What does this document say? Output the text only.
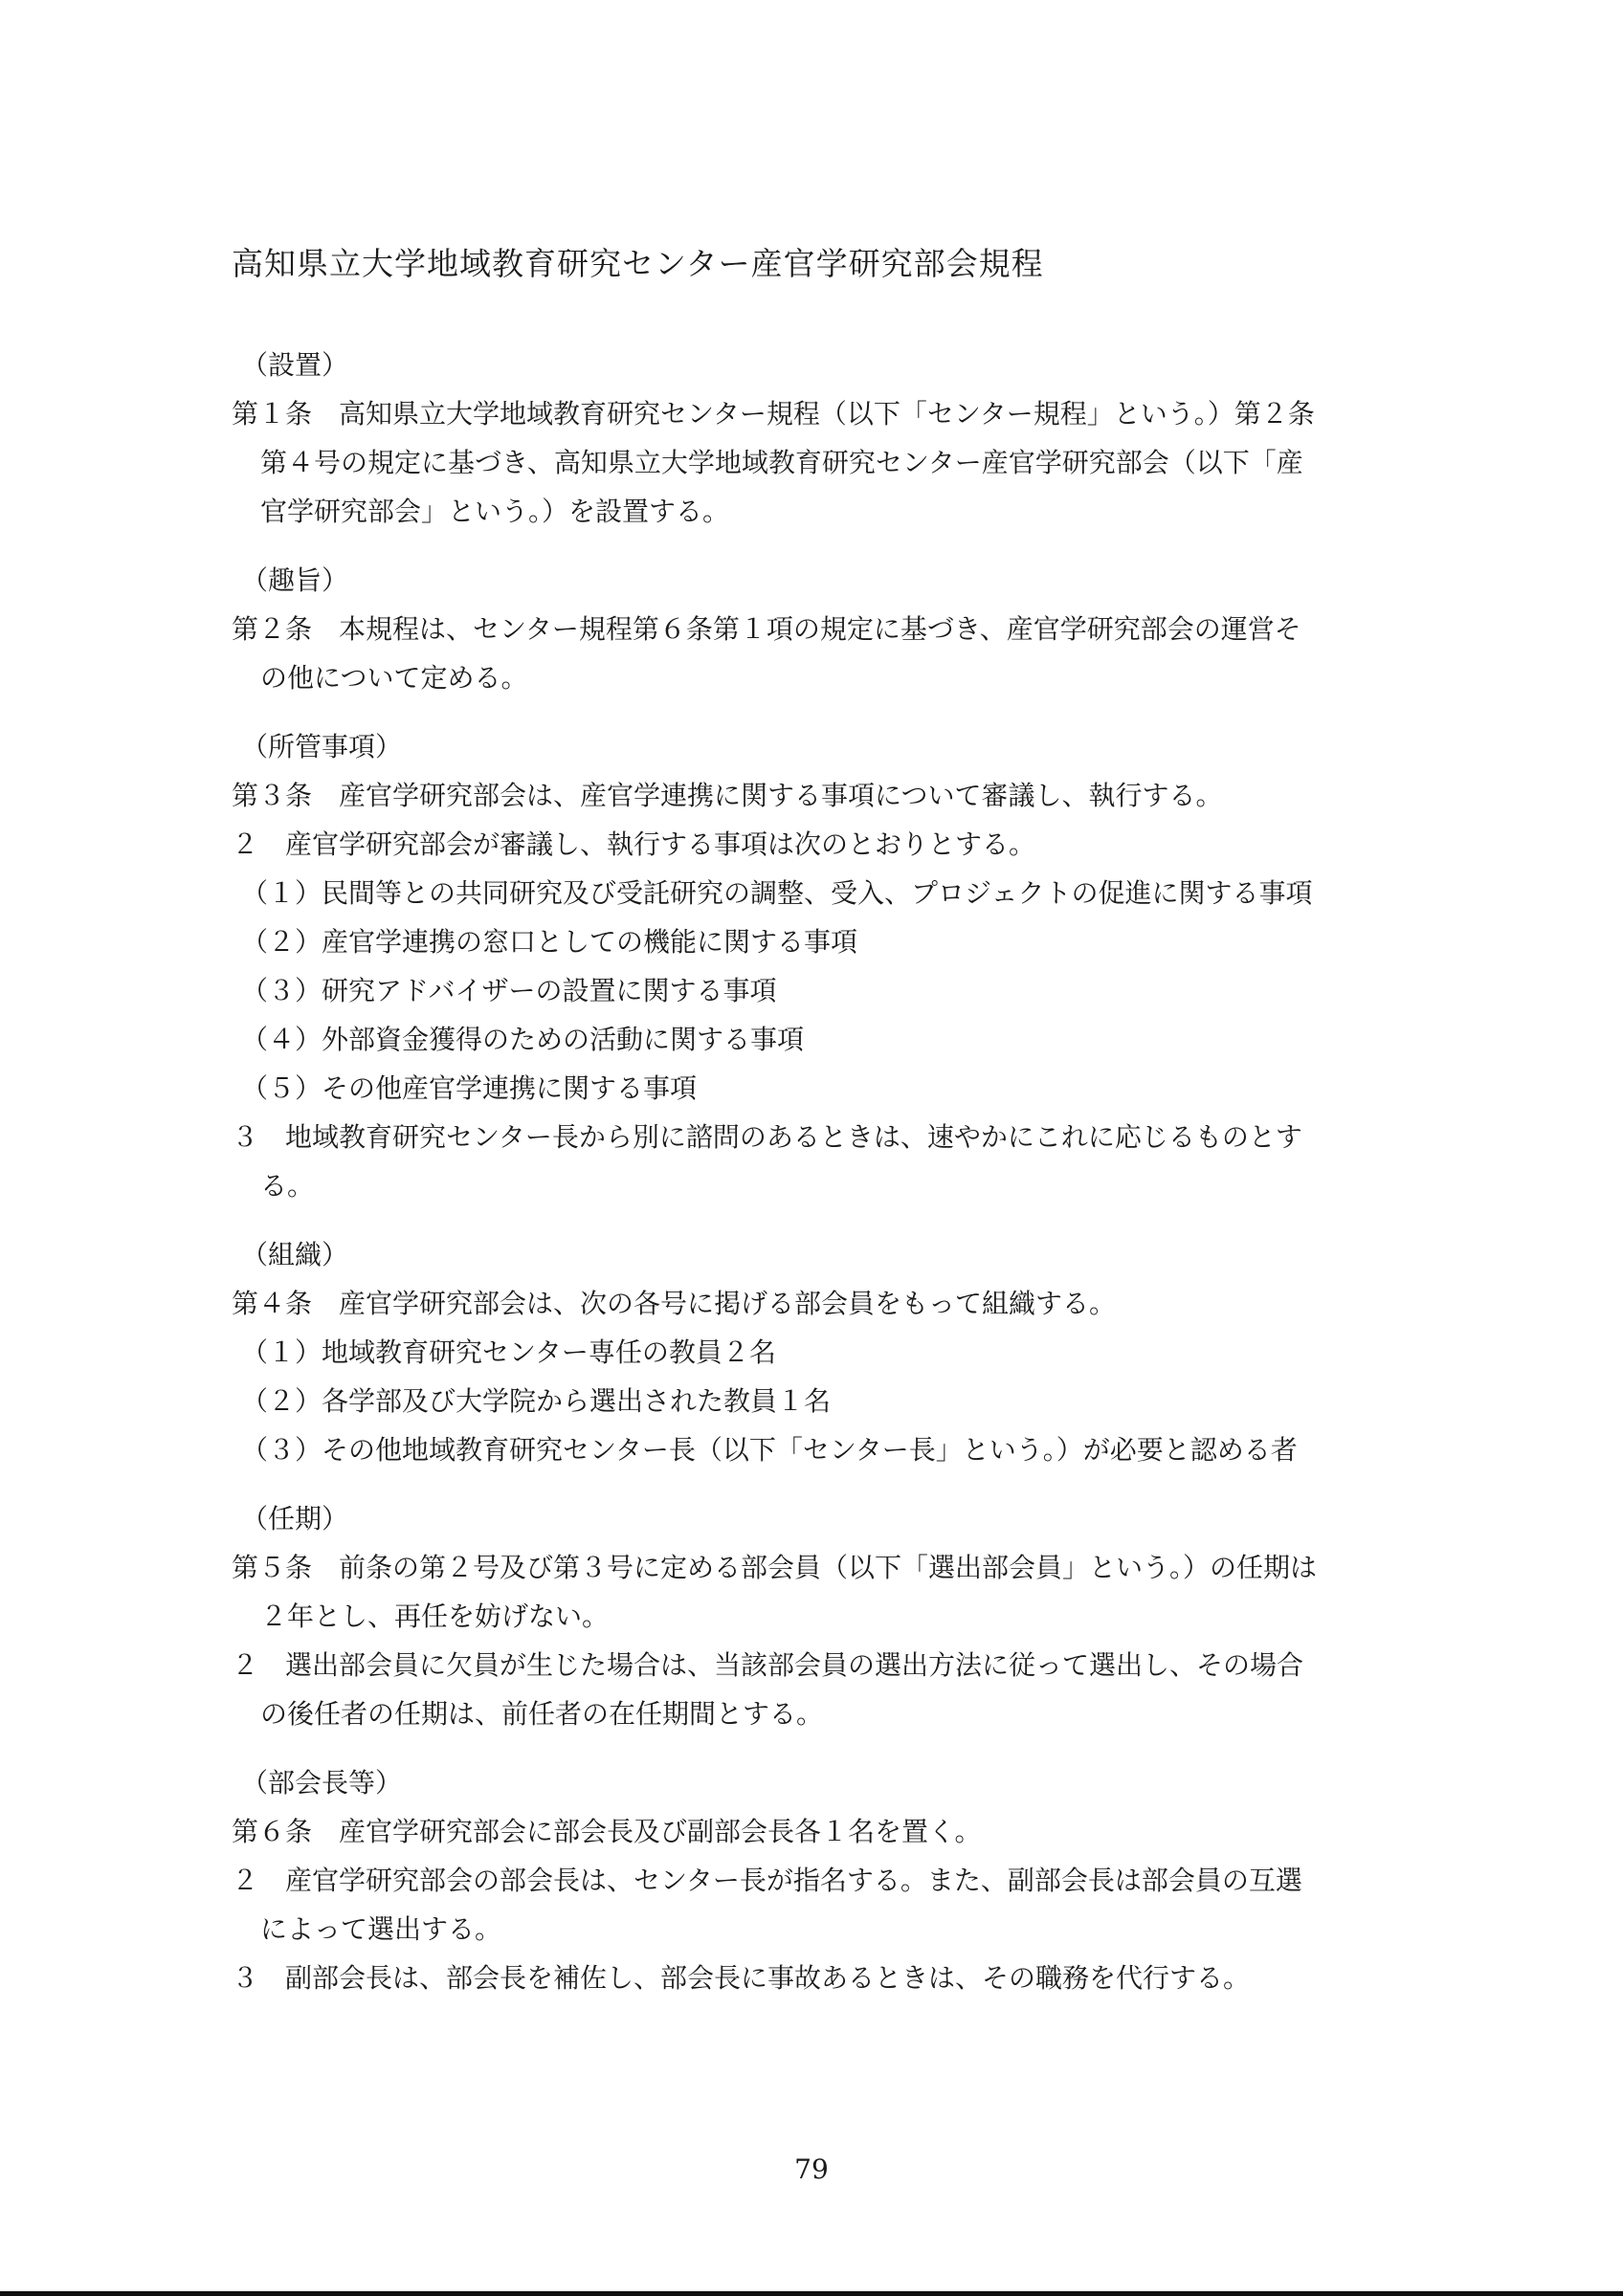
高知県立大学地域教育研究センター産官学研究部会規程
（設置）
第１条　高知県立大学地域教育研究センター規程（以下「センター規程」という。）第２条
第４号の規定に基づき、高知県立大学地域教育研究センター産官学研究部会（以下「産
官学研究部会」という。）を設置する。
（趣旨）
第２条　本規程は、センター規程第６条第１項の規定に基づき、産官学研究部会の運営そ
の他について定める。
（所管事項）
第３条　産官学研究部会は、産官学連携に関する事項について審議し、執行する。
２　産官学研究部会が審議し、執行する事項は次のとおりとする。
（１）民間等との共同研究及び受託研究の調整、受入、プロジェクトの促進に関する事項
（２）産官学連携の窓口としての機能に関する事項
（３）研究アドバイザーの設置に関する事項
（４）外部資金獲得のための活動に関する事項
（５）その他産官学連携に関する事項
３　地域教育研究センター長から別に諮問のあるときは、速やかにこれに応じるものとす
る。
（組織）
第４条　産官学研究部会は、次の各号に掲げる部会員をもって組織する。
（１）地域教育研究センター専任の教員２名
（２）各学部及び大学院から選出された教員１名
（３）その他地域教育研究センター長（以下「センター長」という。）が必要と認める者
（任期）
第５条　前条の第２号及び第３号に定める部会員（以下「選出部会員」という。）の任期は
２年とし、再任を妨げない。
２　選出部会員に欠員が生じた場合は、当該部会員の選出方法に従って選出し、その場合
の後任者の任期は、前任者の在任期間とする。
（部会長等）
第６条　産官学研究部会に部会長及び副部会長各１名を置く。
２　産官学研究部会の部会長は、センター長が指名する。また、副部会長は部会員の互選
によって選出する。
３　副部会長は、部会長を補佐し、部会長に事故あるときは、その職務を代行する。
79
